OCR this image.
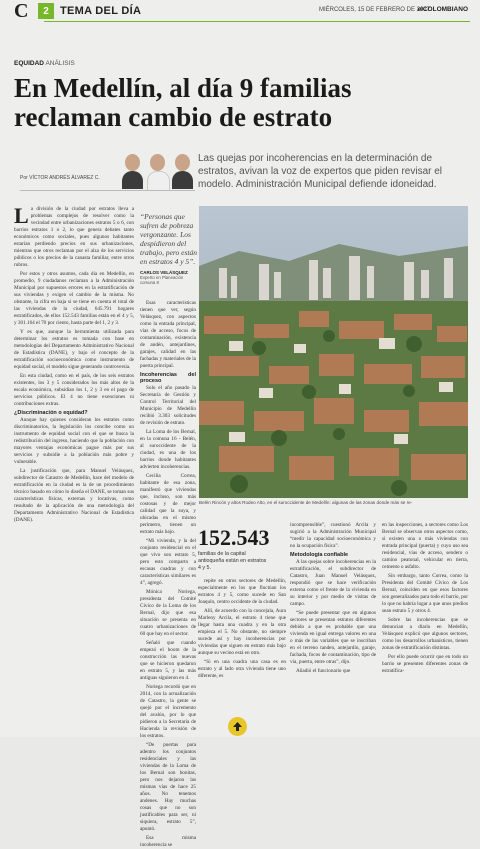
C	2	TEMA DEL DÍA	MIÉRCOLES, 15 DE FEBRERO DE 2017
elCOLOMBIANO
EQUIDAD ANÁLISIS
En Medellín, al día 9 familias reclaman cambio de estrato
Por VÍCTOR ANDRÉS ÁLVAREZ C.
Las quejas por incoherencias en la determinación de estratos, avivan la voz de expertos que piden revisar el modelo. Administración Municipal defiende idoneidad.

La división de la ciudad por estratos lleva a problemas complejos de resolver como la vecindad entre urbanizaciones estratos 5 o 6, con barrios estratos 1 o 2, lo que genera debates tanto económicos como sociales, pues algunos habitantes estarían perdiendo precios en sus urbanizaciones, mientras que otros reclaman por el alza de los servicios públicos o los precios de la canasta familiar, entre otros rubros.

Por estos y otros asuntos, cada día en Medellín, en promedio, 9 ciudadanos reclaman a la Administración Municipal por supuestos errores en la estratificación de sus viviendas y exigen el cambio de la misma. No obstante, la cifra en baja si se tiene en cuenta el total de las viviendas de la ciudad, 645.791 hogares estratificados, de ellos 152.543 familias están en el 4 y 5, y 301.164 el 70 por ciento, hasta parte del 1, 2 y 3.

Y es que, aunque la herramienta utilizada para determinar los estratos es tomada con base en metodologías del Departamento Administrativo Nacional de Estadística (DANE), y bajo el concepto de la estratificación socioeconómica como instrumento de equidad social, el modelo sigue generando controversia.

En esta ciudad, como en el país, de los seis estratos existentes, los 3 y 5 considerados los más altos de la escala económica, subsidian los 1, 2 y 3 en el pago de servicios públicos. El 4 no tiene exenciones ni contribuciones extras.

¿Discriminación o equidad?

Aunque hay quienes consideran los estratos como discriminatorios, la legislación los concibe como un instrumento de equidad social con el que se busca la redistribución del ingreso, haciendo que la población con mayores ventajas económicas pague más por sus servicios y subsidie a la población más pobre y vulnerable.

La justificación que, para Manuel Velásquez, subdirector de Catastro de Medellín, hace del modelo de estratificación en la ciudad es la de un procedimiento técnico basado en cómo lo diseña el DANE, se toman sus características físicas, externas y locativas, como resultado de la aplicación de una metodología del Departamento Administrativo Nacional de Estadística (DANE).

“Personas que sufren de pobreza vergonzante. Los despidieron del trabajo, pero están en estratos 4 y 5”.
CARLOS VELÁSQUEZ
Experto en Planeación comuna 8

Esas características tienen que ver, según Velásquez, con aspectos como la entrada principal, vías de acceso, focos de contaminación, existencia de andén, antejardines, garajes, calidad en las fachadas y materiales de la puerta principal.

Incoherencias del proceso

Solo el año pasado la Secretaría de Gestión y Control Territorial del Municipio de Medellín recibió 3.303 solicitudes de revisión de estrato.

La Loma de los Bernal, en la comuna 16 - Belén, al suroccidente de la ciudad, es una de los barrios donde habitantes advierten incoherencias.

Cecilia Correa, habitante de esa zona, manifestó que viviendas que, incluso, son más costosas y de mejor calidad que la suya, y ubicadas en el mismo perímetro, tienen un estrato más bajo.

“Mi vivienda, y la del conjunto residencial en el que vivo son estrato 5, pero esto comparto a escasas cuadras y con características similares es 4”, agregó.

Mónica Noriega, presidenta del Comité Cívico de la Loma de los Bernal, dijo que esa situación se presenta en cuatro urbanizaciones de 60 que hay en el sector.

Señaló que cuando empezó el boom de la construcción las nuevas que se hicieron quedaron en estrato 5, y las más antiguas siguieron en 4.

Noriega recordó que en 2014, con la actualización de Catastro, la gente se quejó por el incremento del avalúo, por lo que pidieron a la Secretaría de Hacienda la revisión de los estratos.

“De puertas para adentro los conjuntos residenciales y las viviendas de la Loma de los Bernal son bonitas, pero nos dejaron las mismas vías de hace 25 años. No tenemos andenes. Hay muchas cosas que no son justificables para ser, ni siquiera, estrato 5”, apuntó.

Esa misma incoherencia se

Belén Rincón y altos Rodeo Alto, en el suroccidente de Medellín: algunas de las zonas donde más se re-
152.543
familias de la capital antioqueña están en estratos 4 y 5.

repite en otros sectores de Medellín, especialmente en los que fluctúan los estratos 4 y 5, como sucede en San Joaquín, centro occidente de la ciudad.

Allí, de acuerdo con la concejala, Aura Marleny Arcila, el estrato 4 tiene que llegar hasta una cuadra y en la otra empieza el 5. No obstante, no siempre sucede así y hay incoherencias por viviendas que siguen en estrato más bajo aunque su vecino está en otro.

“Si en una cuadra una casa es en estrato y al lado otra vivienda tiene uno diferente, es

incomprensible”, cuestionó Arcila y sugirió a la Administración Municipal “medir la capacidad socioeconómica y no la ocupación física”.

Metodología confiable

A las quejas sobre incoherencias en la estratificación, el subdirector de Catastro, Juan Manuel Velásquez, respondió que se hace verificación externa como el frente de la vivienda en su interior y por medio de visitas de campo.

“Se puede presentar que en algunos sectores se presentan estratos diferentes debido a que es probable que una vivienda en igual entrega valores en una o más de las variables que se inscriban en el terreno tanden, antejardín, garaje, fachada, focos de contaminación, tipo de vía, puerta, entre otras”, dijo.

Añadió el funcionario que

en las inspecciones, a sectores como Los Bernal se observan otros aspectos como, si existen una o más viviendas con entrada principal (puerta) y cuyo uso sea residencial, vías de acceso, sendero o camino peatonal, vehicular en tierra, cemento o asfalto.

Sin embargo, tanto Correa, como la Presidenta del Comité Cívico de Los Bernal, coinciden en que esos factores son generalizados para todo el barrio, por lo que no habría lugar a que unos predios sean estrato 5 y otros 4.

Sobre las incoherencias que se denuncian a diario en Medellín, Velásquez explicó que algunos sectores, como los desarrollos urbanísticos, tienen zonas de estratificación distintas.

Por ello puede ocurrir que en todo un barrio se presenten diferentes zonas de estratifica-
